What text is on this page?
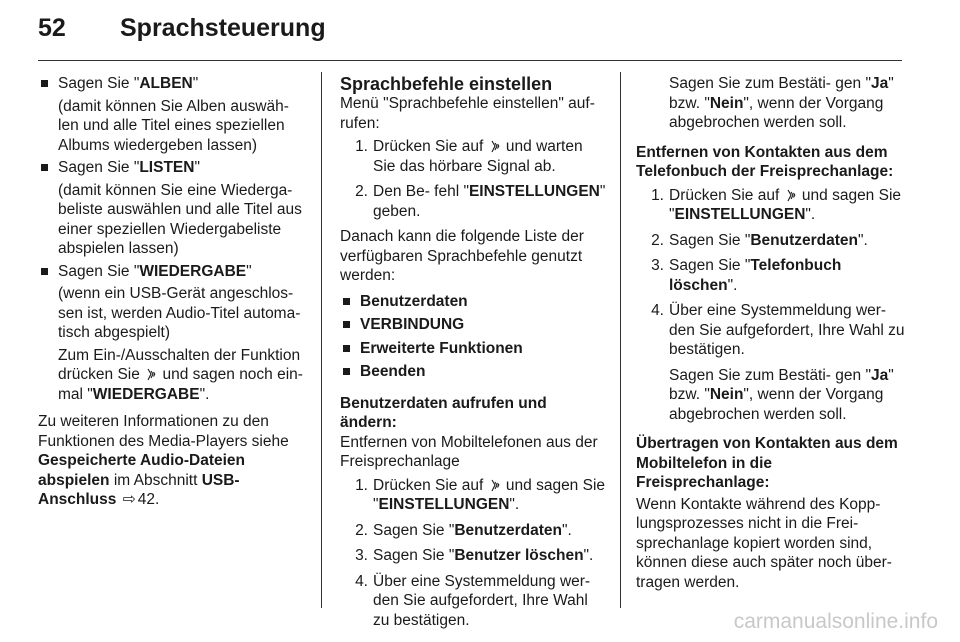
52 Sprachsteuerung
Sagen Sie "ALBEN"

(damit können Sie Alben auswäh- len und alle Titel eines speziellen Albums wiedergeben lassen)

Sagen Sie "LISTEN"

(damit können Sie eine Wiederga- beliste auswählen und alle Titel aus einer speziellen Wiedergabeliste abspielen lassen)

Sagen Sie "WIEDERGABE"

(wenn ein USB-Gerät angeschlos- sen ist, werden Audio-Titel automa- tisch abgespielt)

Zum Ein-/Ausschalten der Funktion drücken Sie und sagen noch ein- mal "WIEDERGABE".

Zu weiteren Informationen zu den Funktionen des Media-Players siehe Gespeicherte Audio-Dateien abspielen im Abschnitt USB- Anschluss ⇨ 42.

Sprachbefehle einstellen

Menü "Sprachbefehle einstellen" auf- rufen:

1. Drücken Sie auf und warten Sie das hörbare Signal ab.
2. Den Be- fehl "EINSTELLUNGEN" geben.

Danach kann die folgende Liste der verfügbaren Sprachbefehle genutzt werden:

Benutzerdaten
VERBINDUNG
Erweiterte Funktionen
Beenden

Benutzerdaten aufrufen und ändern:

Entfernen von Mobiltelefonen aus der Freisprechanlage

1. Drücken Sie auf und sagen Sie "EINSTELLUNGEN".
2. Sagen Sie "Benutzerdaten".
3. Sagen Sie "Benutzer löschen".
4. Über eine Systemmeldung wer- den Sie aufgefordert, Ihre Wahl zu bestätigen.

Sagen Sie zum Bestäti- gen "Ja" bzw. "Nein", wenn der Vorgang abgebrochen werden soll.

Entfernen von Kontakten aus dem Telefonbuch der Freisprechanlage:

1. Drücken Sie auf und sagen Sie "EINSTELLUNGEN".
2. Sagen Sie "Benutzerdaten".
3. Sagen Sie "Telefonbuch löschen".
4. Über eine Systemmeldung wer- den Sie aufgefordert, Ihre Wahl zu bestätigen.

Sagen Sie zum Bestäti- gen "Ja" bzw. "Nein", wenn der Vorgang abgebrochen werden soll.

Übertragen von Kontakten aus dem Mobiltelefon in die Freisprechanlage:

Wenn Kontakte während des Kopp- lungsprozesses nicht in die Frei- sprechanlage kopiert worden sind, können diese auch später noch über- tragen werden.

carmanualsonline.info
